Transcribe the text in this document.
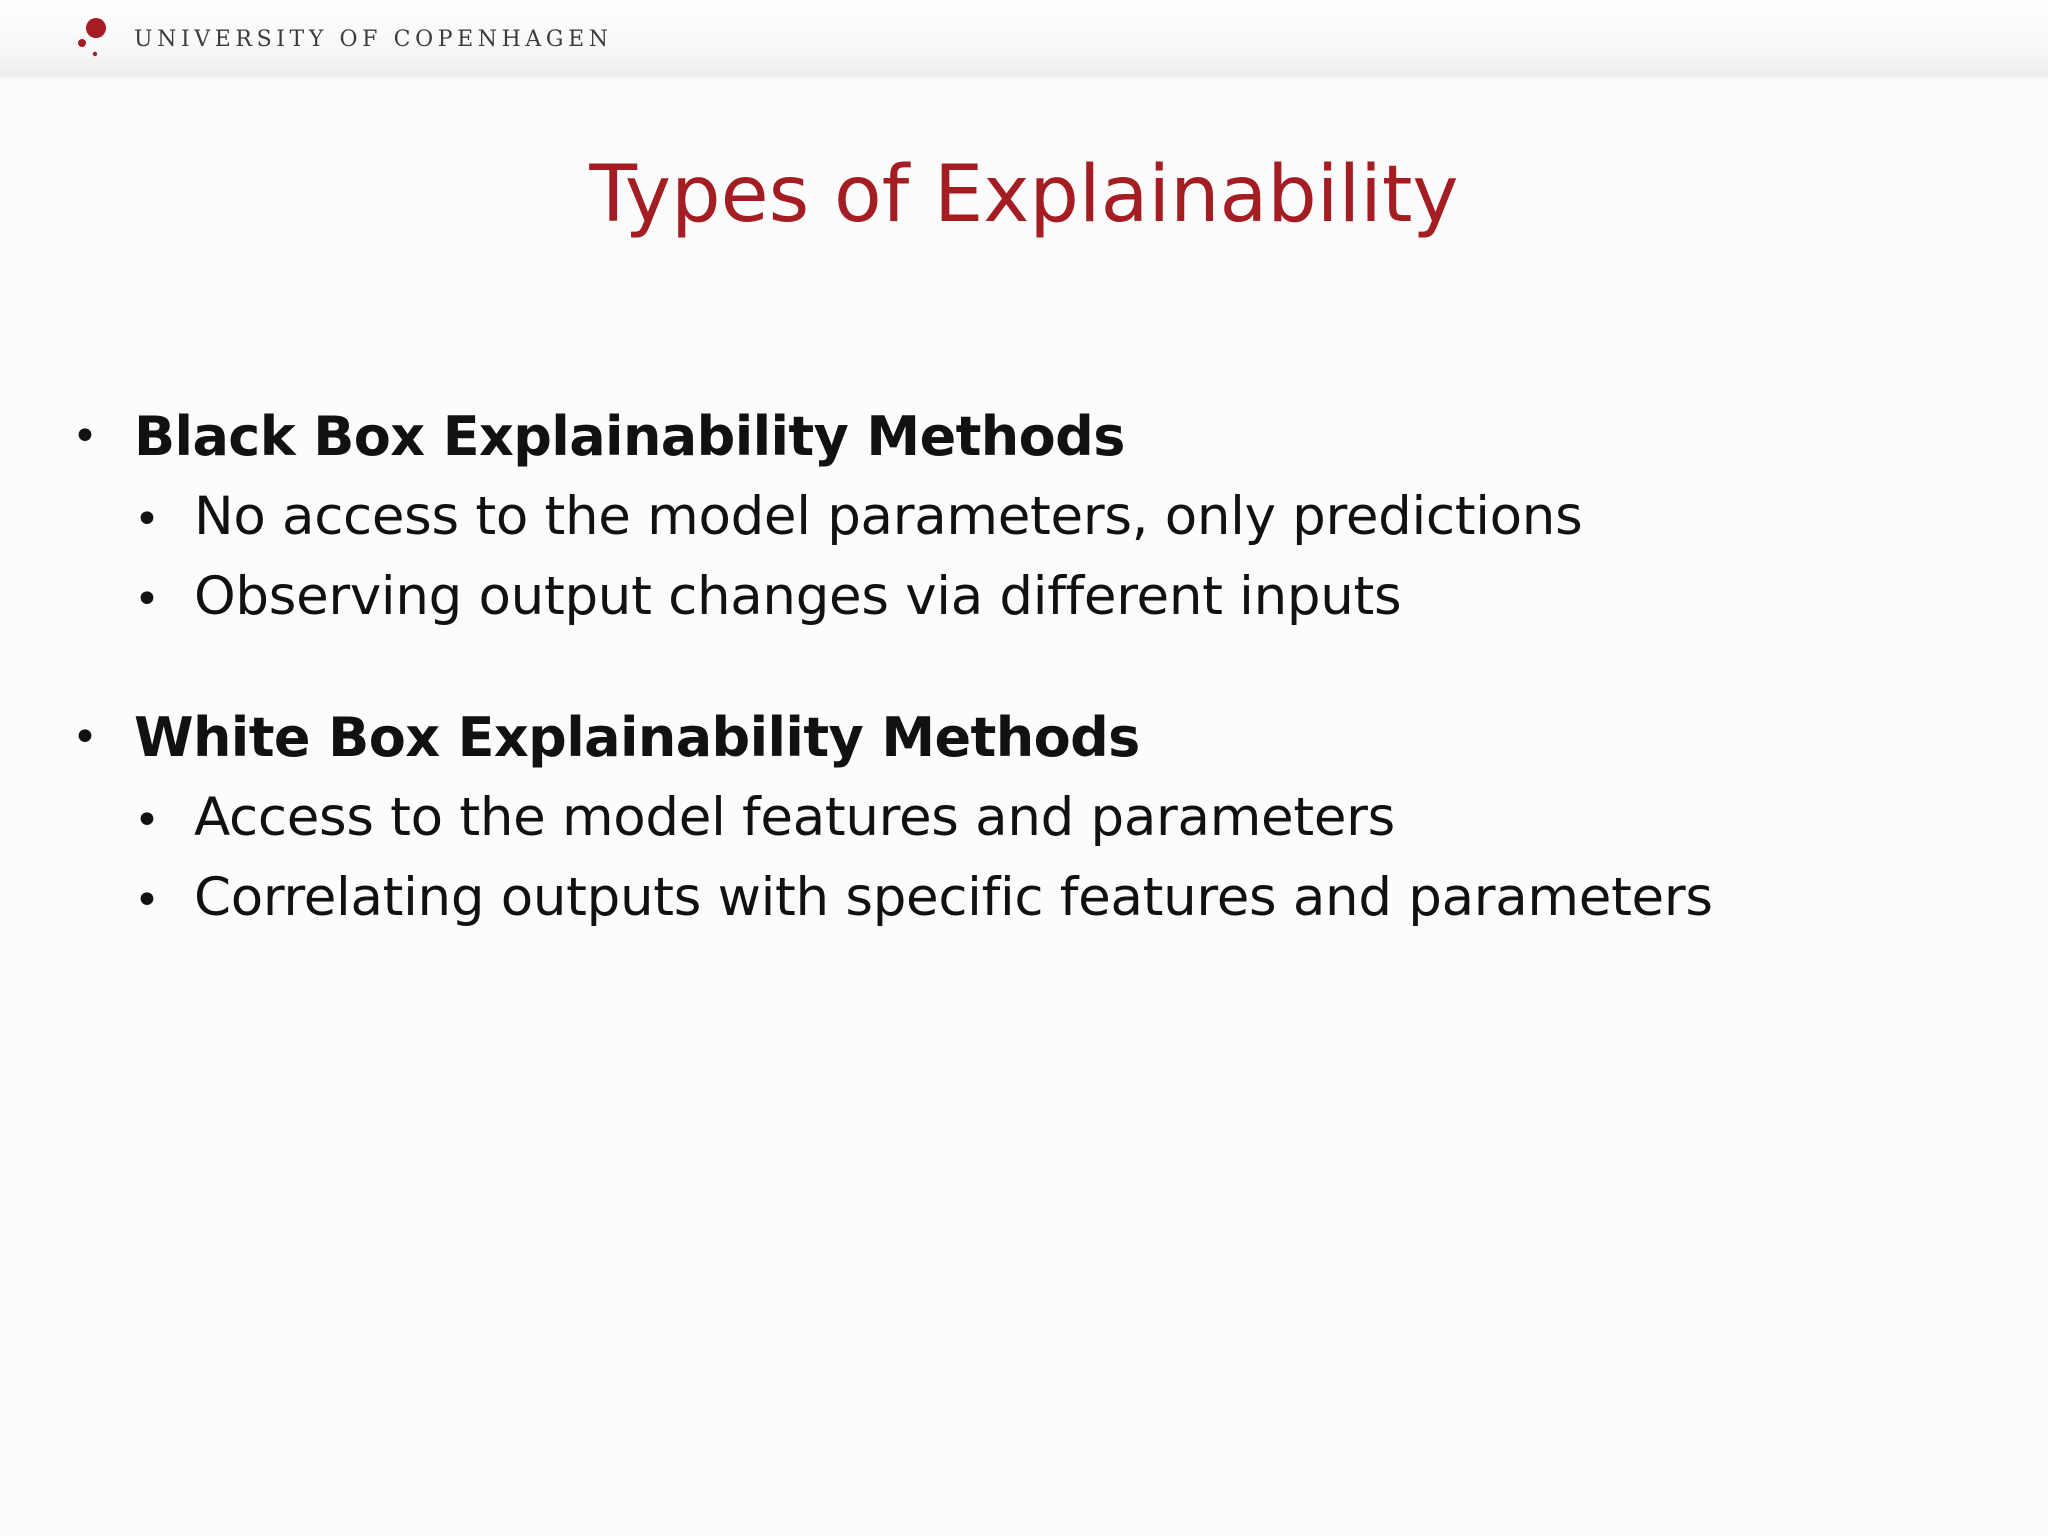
UNIVERSITY OF COPENHAGEN
Types of Explainability
• Black Box Explainability Methods
• No access to the model parameters, only predictions
• Observing output changes via different inputs
• White Box Explainability Methods
• Access to the model features and parameters
• Correlating outputs with specific features and parameters
